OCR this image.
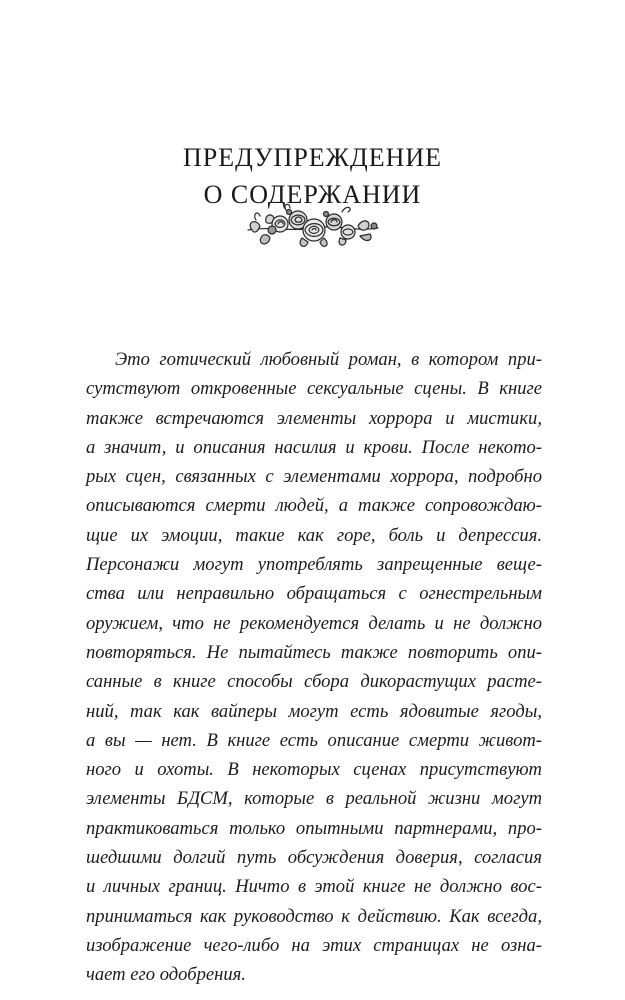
ПРЕДУПРЕЖДЕНИЕ
О СОДЕРЖАНИИ
Это готический любовный роман, в котором при-
сутствуют откровенные сексуальные сцены. В книге
также встречаются элементы хоррора и мистики,
а значит, и описания насилия и крови. После некото-
рых сцен, связанных с элементами хоррора, подробно
описываются смерти людей, а также сопровождаю-
щие их эмоции, такие как горе, боль и депрессия.
Персонажи могут употреблять запрещенные веще-
ства или неправильно обращаться с огнестрельным
оружием, что не рекомендуется делать и не должно
повторяться. Не пытайтесь также повторить опи-
санные в книге способы сбора дикорастущих расте-
ний, так как вайперы могут есть ядовитые ягоды,
а вы — нет. В книге есть описание смерти живот-
ного и охоты. В некоторых сценах присутствуют
элементы БДСМ, которые в реальной жизни могут
практиковаться только опытными партнерами, про-
шедшими долгий путь обсуждения доверия, согласия
и личных границ. Ничто в этой книге не должно вос-
приниматься как руководство к действию. Как всегда,
изображение чего-либо на этих страницах не озна-
чает его одобрения.
